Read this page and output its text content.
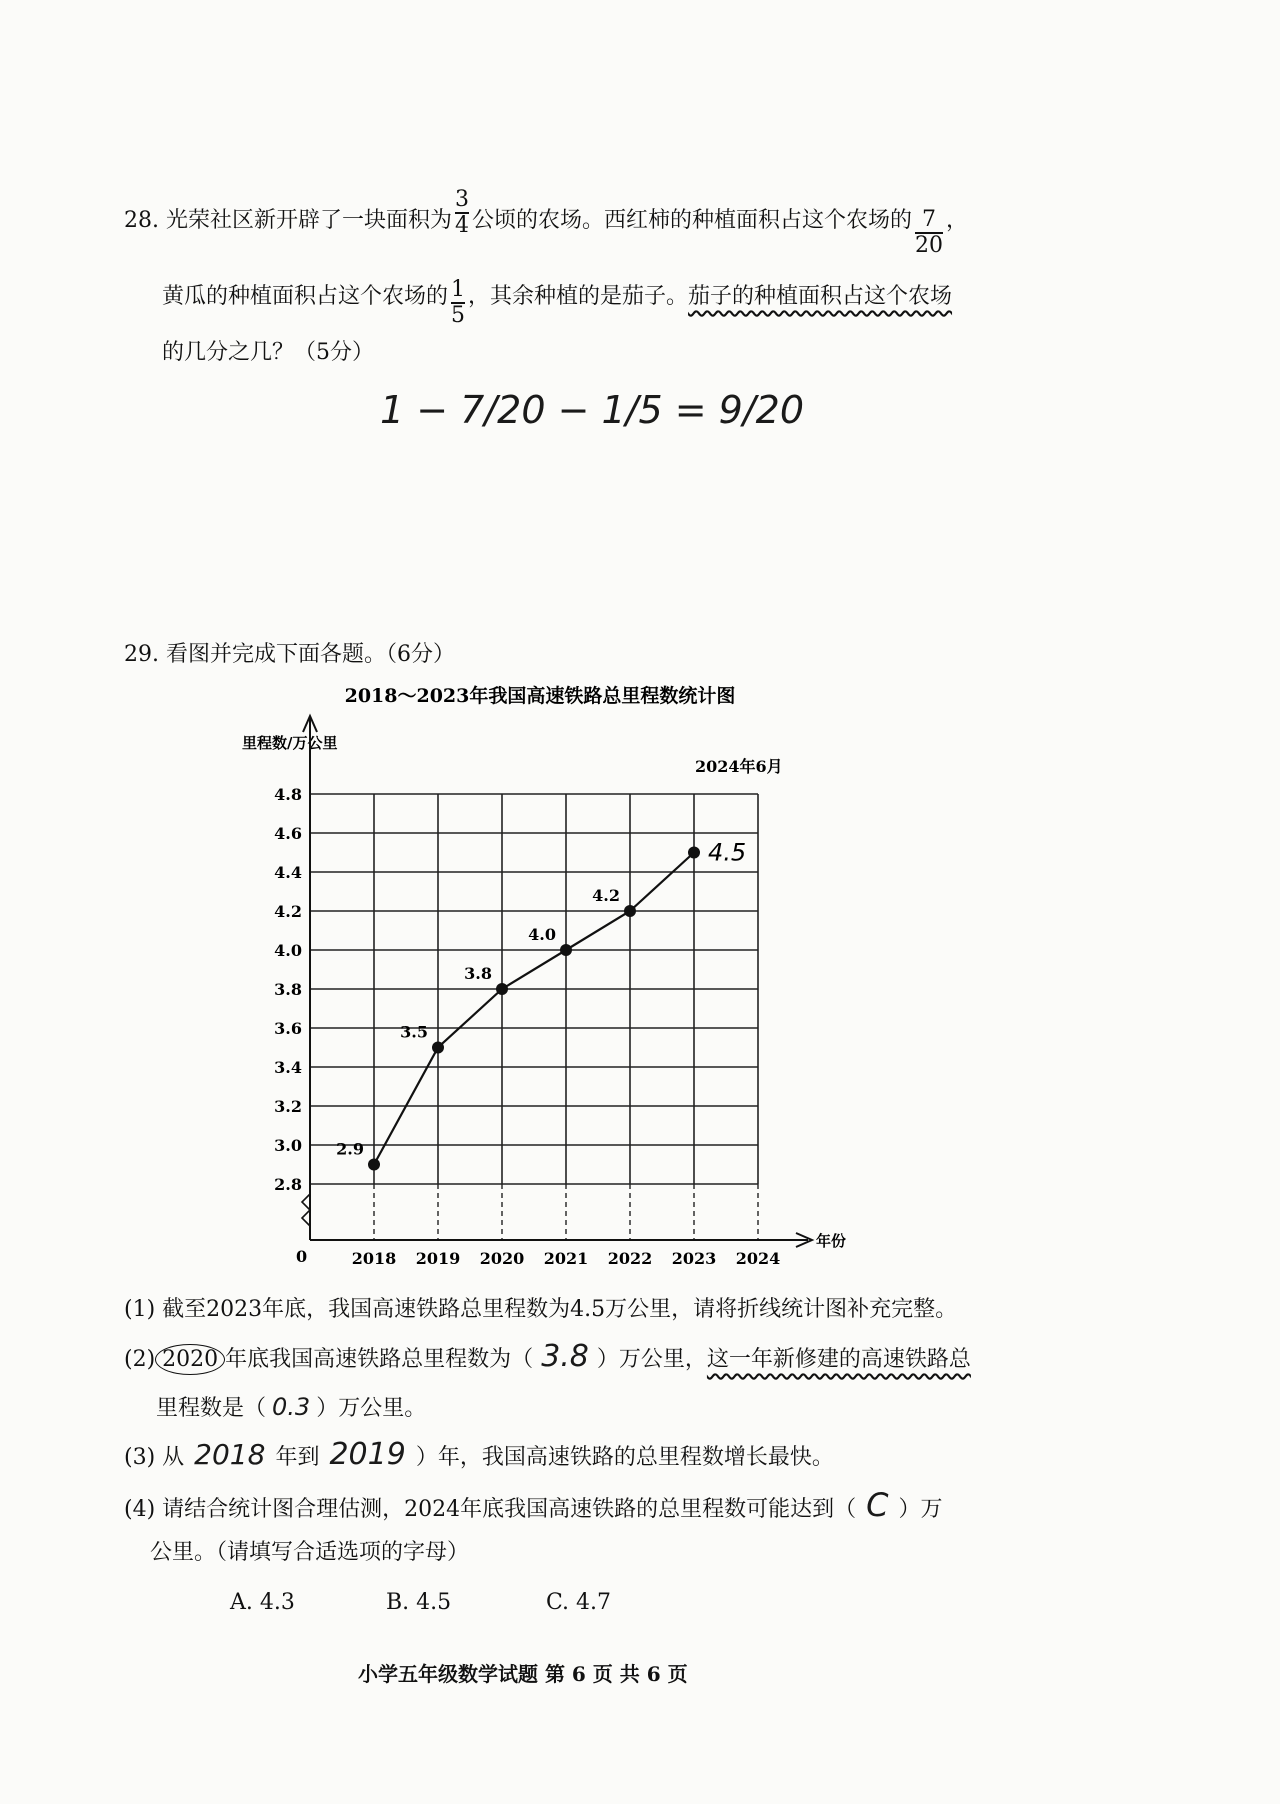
28. 光荣社区新开辟了一块面积为 $\frac{3}{4}$ 公顷的农场。西红柿的种植面积占这个农场的 $\frac{7}{20}$ ，
黄瓜的种植面积占这个农场的 $\frac{1}{5}$ ，其余种植的是茄子。茄子的种植面积占这个农场
的几分之几？（5分）
1 − 7/20 − 1/5 = 9/20
29. 看图并完成下面各题。（6分）
2018～2023年我国高速铁路总里程数统计图
里程数/万公里
2024年6月
2.8
3.0
3.2
3.4
3.6
3.8
4.0
4.2
4.4
4.6
4.8
年份
0	2018 2019 2020 2021 2022 2023 2024
2.9
3.5
3.8
4.0
4.2
4.5
(1) 截至2023年底，我国高速铁路总里程数为4.5万公里，请将折线统计图补充完整。
(2) 2020 年底我国高速铁路总里程数为（ 3.8 ）万公里，这一年新修建的高速铁路总
里程数是（ 0.3 ）万公里。
(3) 从 2018 年到 2019 ）年，我国高速铁路的总里程数增长最快。
(4) 请结合统计图合理估测，2024年底我国高速铁路的总里程数可能达到（ C ）万
公里。（请填写合适选项的字母）
A. 4.3	B. 4.5	C. 4.7
小学五年级数学试题 第 6 页 共 6 页
